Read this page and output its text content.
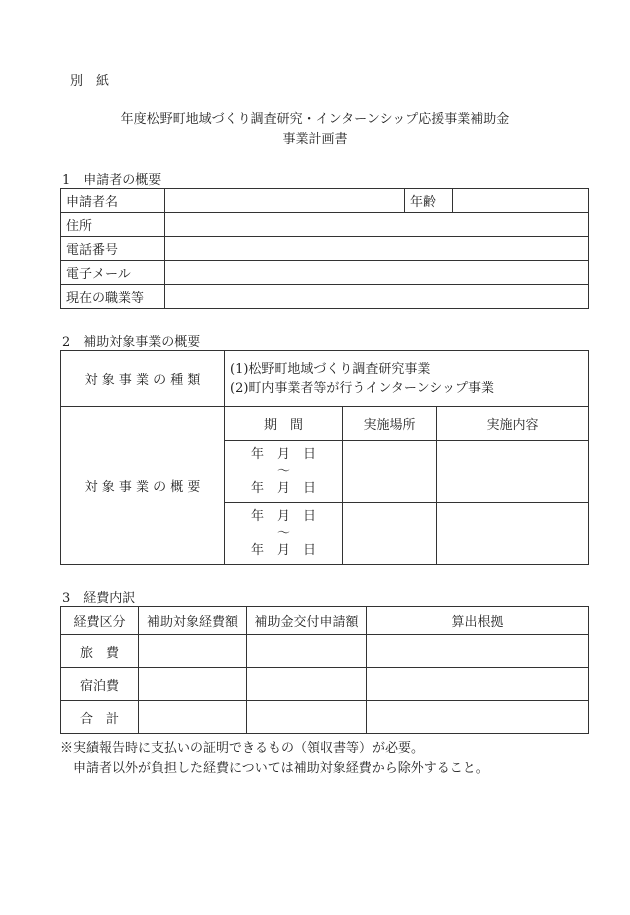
別　紙
年度松野町地域づくり調査研究・インターンシップ応援事業補助金
事業計画書
1　申請者の概要
申請者名		年齢	
住所			
電話番号			
電子メール			
現在の職業等			
2　補助対象事業の概要
対 象 事 業 の 種 類	(1)松野町地域づくり調査研究事業
(2)町内事業者等が行うインターンシップ事業		

対 象 事 業 の 概 要	期　間	実施場所	実施内容

	年　月　日
〜
年　月　日		

	年　月　日
〜
年　月　日		

3　経費内訳
経費区分	補助対象経費額	補助金交付申請額	算出根拠
旅　費			
宿泊費			
合　計			
※実績報告時に支払いの証明できるもの（領収書等）が必要。
　申請者以外が負担した経費については補助対象経費から除外すること。
